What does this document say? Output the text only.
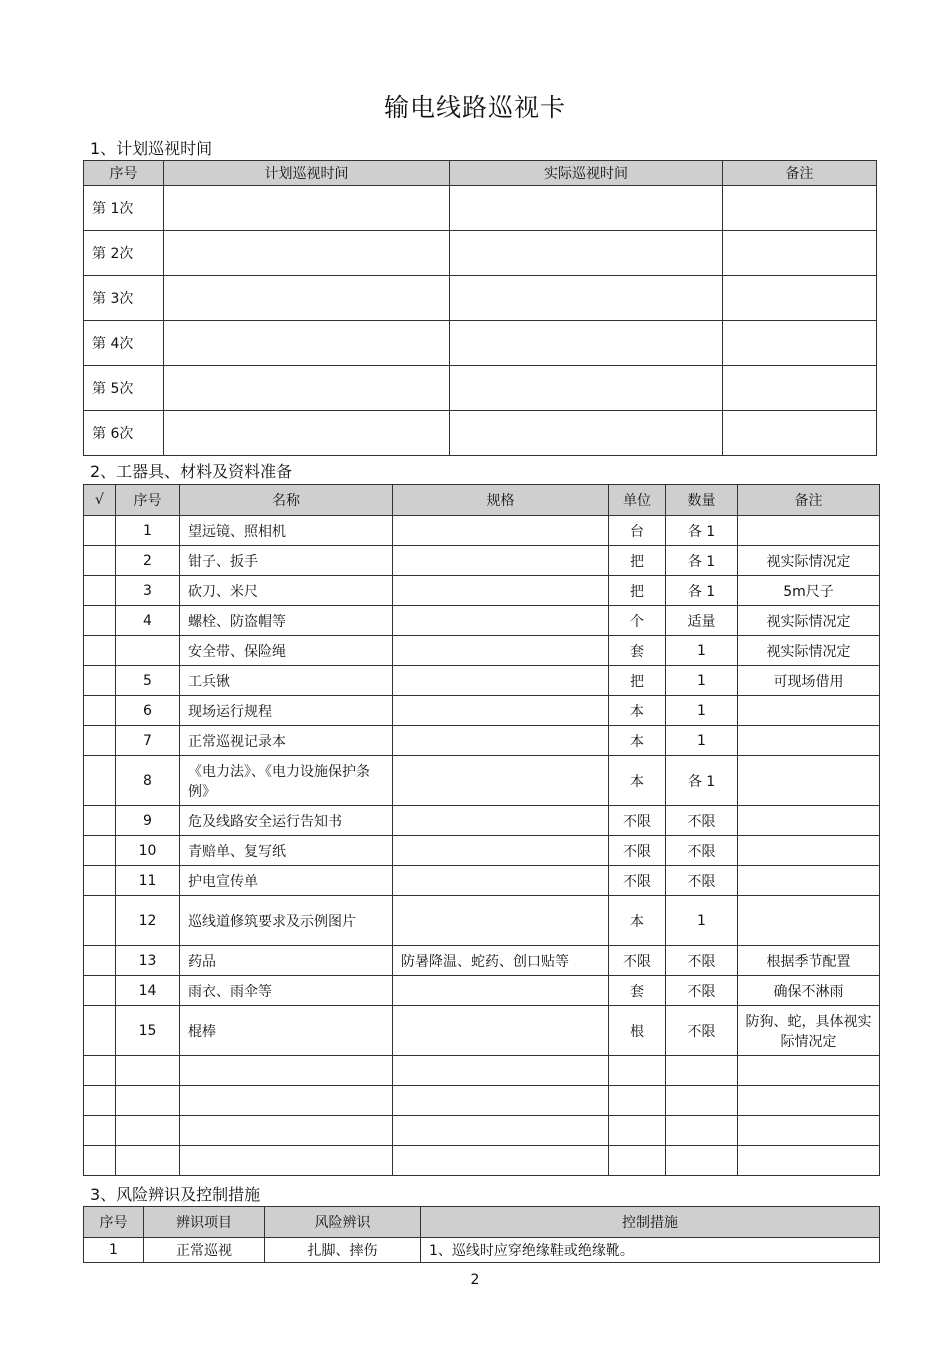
输电线路巡视卡
1、计划巡视时间
序号	计划巡视时间	实际巡视时间	备注
第 1次			
第 2次			
第 3次			
第 4次			
第 5次			
第 6次			
2、工器具、材料及资料准备
√	序号	名称	规格	单位	数量	备注
	1	望远镜、照相机		台	各 1	
	2	钳子、扳手		把	各 1	视实际情况定
	3	砍刀、米尺		把	各 1	5m尺子
	4	螺栓、防盗帽等		个	适量	视实际情况定
		安全带、保险绳		套	1	视实际情况定
	5	工兵锹		把	1	可现场借用
	6	现场运行规程		本	1	
	7	正常巡视记录本		本	1	
	8	《电力法》、《电力设施保护条例》		本	各 1	
	9	危及线路安全运行告知书		不限	不限	
	10	青赔单、复写纸		不限	不限	
	11	护电宣传单		不限	不限	
	12	巡线道修筑要求及示例图片		本	1	
	13	药品	防暑降温、蛇药、创口贴等	不限	不限	根据季节配置
	14	雨衣、雨伞等		套	不限	确保不淋雨
	15	棍棒		根	不限	防狗、蛇，具体视实际情况定

3、风险辨识及控制措施
序号	辨识项目	风险辨识	控制措施
1	正常巡视	扎脚、摔伤	1、巡线时应穿绝缘鞋或绝缘靴。
2
